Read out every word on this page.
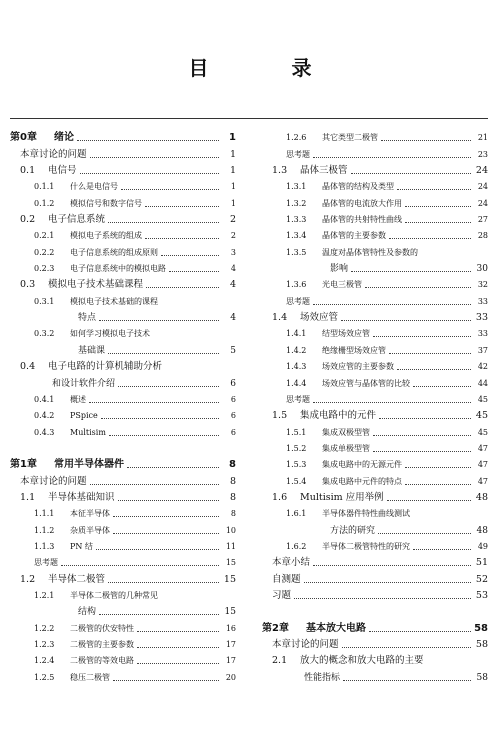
目 录
第0章	绪论	1
本章讨论的问题	1
0.1	电信号	1
0.1.1	什么是电信号	1
0.1.2	模拟信号和数字信号	1
0.2	电子信息系统	2
0.2.1	模拟电子系统的组成	2
0.2.2	电子信息系统的组成原则	3
0.2.3	电子信息系统中的模拟电路	4
0.3	模拟电子技术基础课程	4
0.3.1	模拟电子技术基础的课程
特点	4
0.3.2	如何学习模拟电子技术
基础课	5
0.4	电子电路的计算机辅助分析
和设计软件介绍	6
0.4.1	概述	6
0.4.2	PSpice	6
0.4.3	Multisim	6
第1章	常用半导体器件	8
本章讨论的问题	8
1.1	半导体基础知识	8
1.1.1	本征半导体	8
1.1.2	杂质半导体	10
1.1.3	PN 结	11
思考题	15
1.2	半导体二极管	15
1.2.1	半导体二极管的几种常见
结构	15
1.2.2	二极管的伏安特性	16
1.2.3	二极管的主要参数	17
1.2.4	二极管的等效电路	17
1.2.5	稳压二极管	20
1.2.6	其它类型二极管	21
思考题	23
1.3	晶体三极管	24
1.3.1	晶体管的结构及类型	24
1.3.2	晶体管的电流放大作用	24
1.3.3	晶体管的共射特性曲线	27
1.3.4	晶体管的主要参数	28
1.3.5	温度对晶体管特性及参数的
影响	30
1.3.6	光电三极管	32
思考题	33
1.4	场效应管	33
1.4.1	结型场效应管	33
1.4.2	绝缘栅型场效应管	37
1.4.3	场效应管的主要参数	42
1.4.4	场效应管与晶体管的比较	44
思考题	45
1.5	集成电路中的元件	45
1.5.1	集成双极型管	45
1.5.2	集成单极型管	47
1.5.3	集成电路中的无源元件	47
1.5.4	集成电路中元件的特点	47
1.6	Multisim 应用举例	48
1.6.1	半导体器件特性曲线测试
方法的研究	48
1.6.2	半导体二极管特性的研究	49
本章小结	51
自测题	52
习题	53
第2章	基本放大电路	58
本章讨论的问题	58
2.1	放大的概念和放大电路的主要
性能指标	58
